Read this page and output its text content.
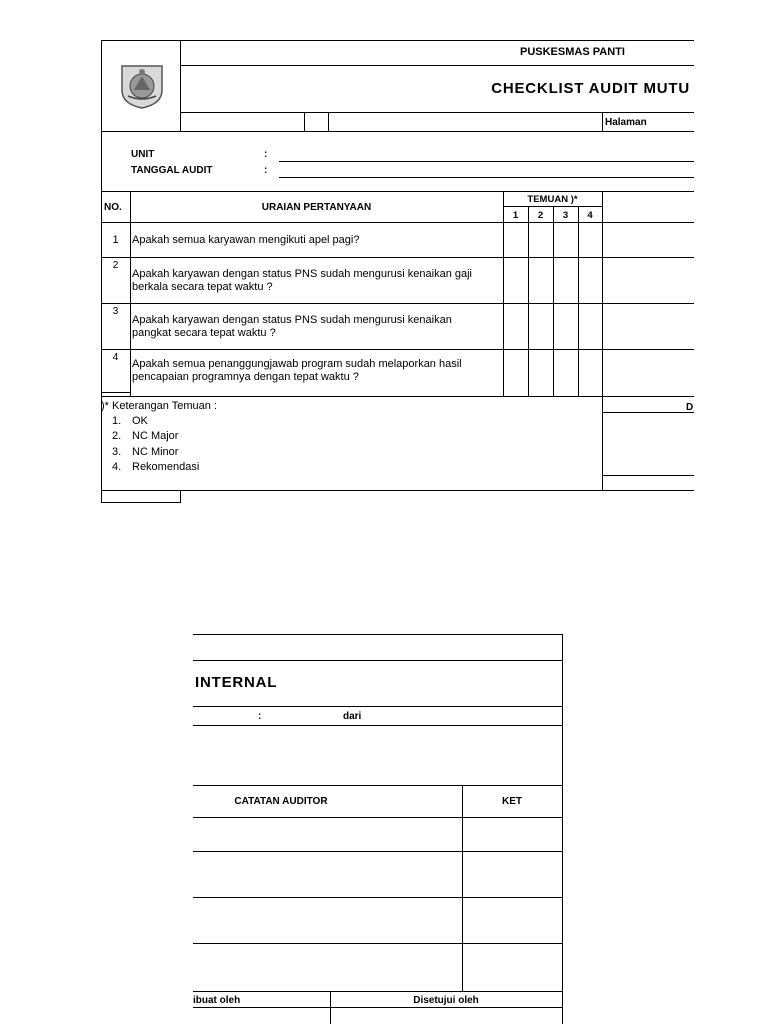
PUSKESMAS PANTI
CHECKLIST AUDIT MUTU
Halaman
UNIT	:
TANGGAL AUDIT	:
NO.	URAIAN PERTANYAAN
TEMUAN )*
1	2	3	4
1	Apakah semua karyawan mengikuti apel pagi?
2
Apakah karyawan dengan status PNS sudah mengurusi kenaikan gaji
berkala secara tepat waktu ?
3
Apakah karyawan dengan status PNS sudah mengurusi kenaikan
pangkat secara tepat waktu ?
4
Apakah semua penanggungjawab program sudah melaporkan hasil
pencapaian programnya dengan tepat waktu ?
)* Keterangan Temuan :	D
1. OK
2. NC Major
3. NC Minor
4. Rekomendasi
INTERNAL
:	dari
CATATAN AUDITOR	KET
ibuat oleh	Disetujui oleh
